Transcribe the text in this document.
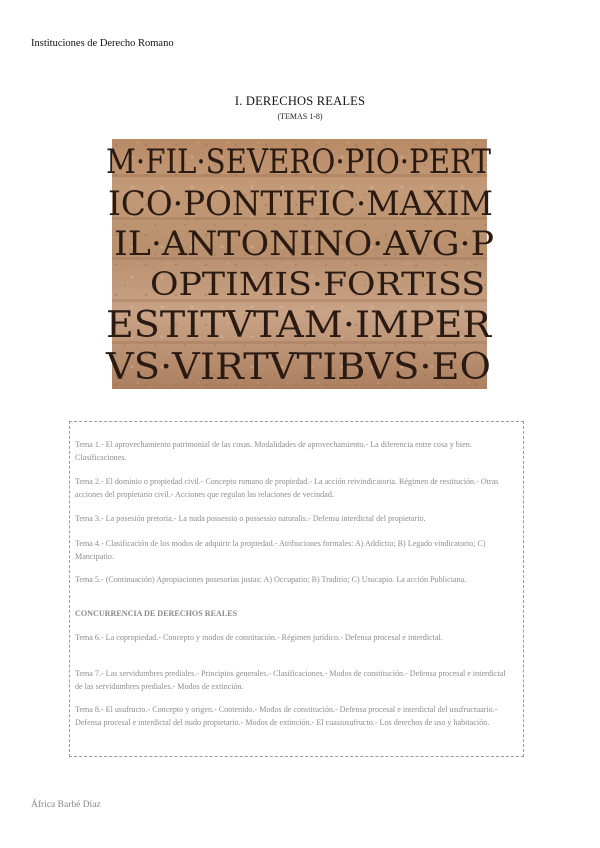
Instituciones de Derecho Romano
I. DERECHOS REALES
(TEMAS 1-8)
M·FIL·SEVERO·PIO·PERT
ICO·PONTIFIC·MAXIM
IL·ANTONINO·AVG·P
OPTIMIS·FORTISS
ESTITVTAM·IMPER
VS·VIRTVTIBVS·EO
Tema 1.- El aprovechamiento patrimonial de las cosas. Modalidades de aprovechamiento.- La diferencia entre cosa y bien. Clasificaciones.
Tema 2.- El dominio o propiedad civil.- Concepto romano de propiedad.- La acción reivindicatoria. Régimen de restitución.- Otras acciones del propietario civil.- Acciones que regulan las relaciones de vecindad.
Tema 3.- La posesión pretoria.- La nuda possessio o possessio naturalis.- Defensa interdictal del propietario.
Tema 4.- Clasificación de los modos de adquirir la propiedad.- Atribuciones formales: A) Addictio; B) Legado vindicatorio; C) Mancipatio.
Tema 5.- (Continuación) Apropiaciones posesorias justas: A) Occupatio; B) Traditio; C) Usucapio. La acción Publiciana.
CONCURRENCIA DE DERECHOS REALES
Tema 6.- La copropiedad.- Concepto y modos de constitución.- Régimen jurídico.- Defensa procesal e interdictal.
Tema 7.- Las servidumbres prediales.- Principios generales.- Clasificaciones.- Modos de constitución.- Defensa procesal e interdictal de las servidumbres prediales.- Modos de extinción.
Tema 8.- El usufructo.- Concepto y origen.- Contenido.- Modos de constitución.- Defensa procesal e interdictal del usufructuario.- Defensa procesal e interdictal del nudo propietario.- Modos de extinción.- El cuasiusufructo.- Los derechos de uso y habitación.
África Barbé Díaz
